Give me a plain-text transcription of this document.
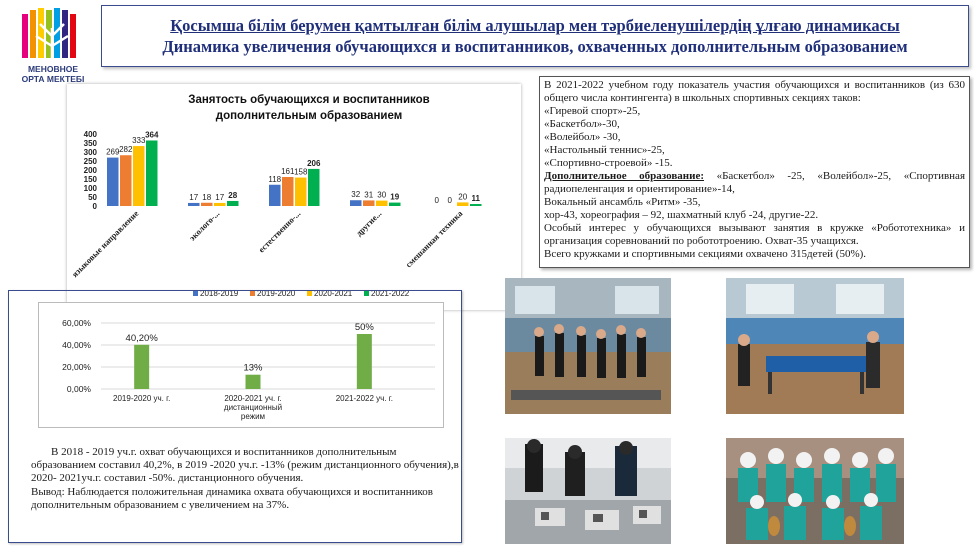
МЕНОВНОЕ
ОРТА МЕКТЕБІ
Қосымша білім берумен қамтылған білім алушылар мен тәрбиеленушілердің ұлғаю динамикасы
Динамика увеличения обучающихся и воспитанников, охваченных дополнительным образованием
Занятость обучающихся и воспитанников
дополнительным образованием
400
350
300
250
200
150
100
50
0
269 282
333
364
языковые направление
17 18 17 28
эколого-...
118
161 158
206
естественно-...
32 31 30 19
другие...
0 0 20 11
смешанная техника
2018-2019 2019-2020 2020-2021 2021-2022

В 2021-2022 учебном году показатель участия обучающихся и воспитанников (из 630 общего числа контингента) в школьных спортивных секциях таков:

«Гиревой спорт»-25,

«Баскетбол»-30,

«Волейбол» -30,

«Настольный теннис»-25,

«Спортивно-строевой» -15.

Дополнительное образование: «Баскетбол» -25, «Волейбол»-25, «Спортивная радиопеленгация и ориентирование»-14,

Вокальный ансамбль «Ритм» -35,

хор-43, хореография – 92, шахматный клуб -24, другие-22.

Особый интерес у обучающихся вызывают занятия в кружке «Робототехника» и организация соревнований по робототроению. Охват-35 учащихся.

Всего кружками и спортивными секциями охвачено 315детей (50%).

60,00%
40,00%
20,00%
0,00%
40,20%
2019-2020 уч. г.
13%
2020-2021 уч. г.
дистанционный
режим
50%
2021-2022 уч. г.

В 2018 - 2019 уч.г. охват обучающихся и воспитанников дополнительным образованием составил 40,2%, в 2019 -2020 уч.г. -13% (режим дистанционного обучения),в 2020- 2021уч.г. составил -50%. дистанционного обучения.

Вывод: Наблюдается положительная динамика охвата обучающихся и воспитанников дополнительным образованием с увеличением на 37%.
